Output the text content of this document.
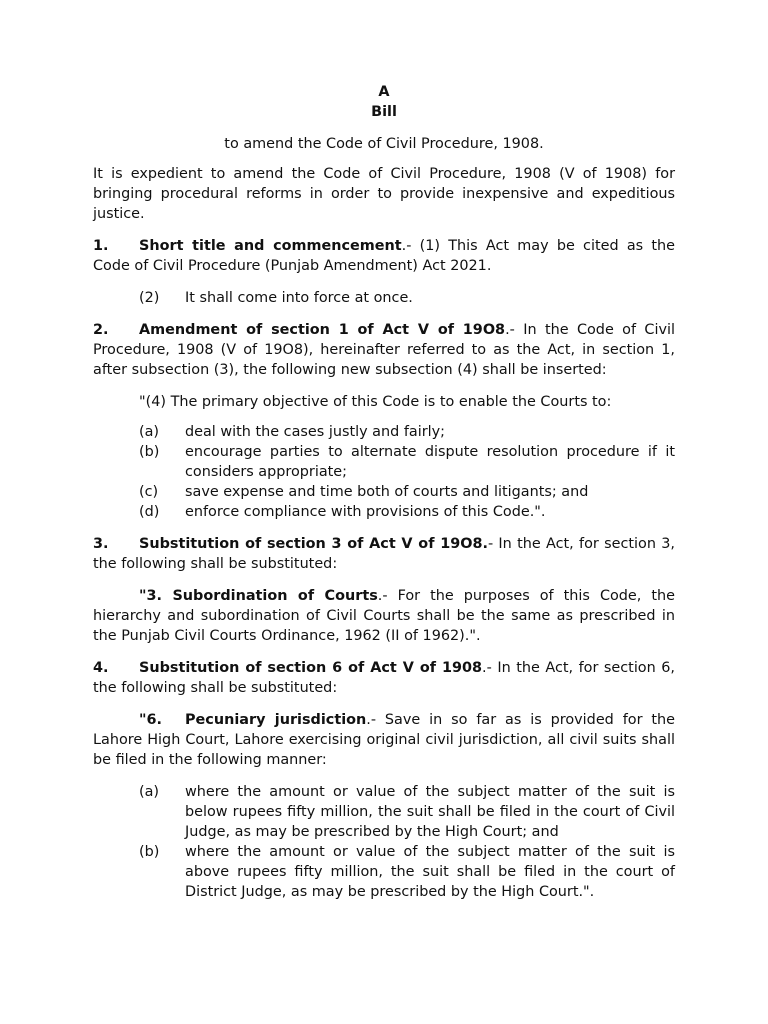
A
Bill
to amend the Code of Civil Procedure, 1908.

It is expedient to amend the Code of Civil Procedure, 1908 (V of 1908) for bringing procedural reforms in order to provide inexpensive and expeditious justice.

1. Short title and commencement.- (1) This Act may be cited as the Code of Civil Procedure (Punjab Amendment) Act 2021.

(2)	It shall come into force at once.

2. Amendment of section 1 of Act V of 19O8.- In the Code of Civil Procedure, 1908 (V of 19O8), hereinafter referred to as the Act, in section 1, after subsection (3), the following new subsection (4) shall be inserted:

"(4) The primary objective of this Code is to enable the Courts to:

(a)	deal with the cases justly and fairly;
(b)	encourage parties to alternate dispute resolution procedure if it considers appropriate;
(c)	save expense and time both of courts and litigants; and
(d)	enforce compliance with provisions of this Code.".

3. Substitution of section 3 of Act V of 19O8.- In the Act, for section 3, the following shall be substituted:

"3. Subordination of Courts.- For the purposes of this Code, the hierarchy and subordination of Civil Courts shall be the same as prescribed in the Punjab Civil Courts Ordinance, 1962 (II of 1962).".

4. Substitution of section 6 of Act V of 1908.- In the Act, for section 6, the following shall be substituted:

"6. Pecuniary jurisdiction.- Save in so far as is provided for the Lahore High Court, Lahore exercising original civil jurisdiction, all civil suits shall be filed in the following manner:

(a)	where the amount or value of the subject matter of the suit is below rupees fifty million, the suit shall be filed in the court of Civil Judge, as may be prescribed by the High Court; and
(b)	where the amount or value of the subject matter of the suit is above rupees fifty million, the suit shall be filed in the court of District Judge, as may be prescribed by the High Court.".
